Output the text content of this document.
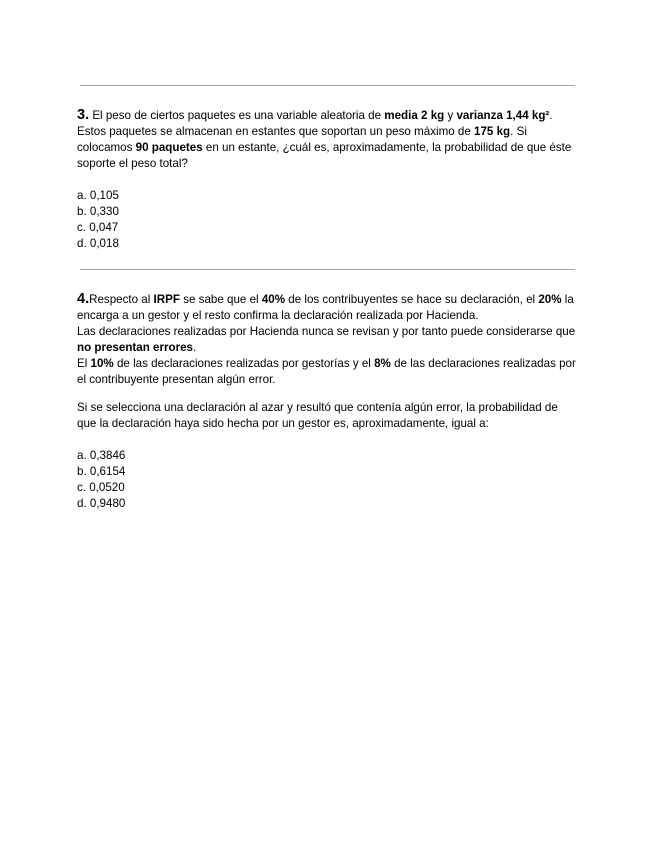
3. El peso de ciertos paquetes es una variable aleatoria de media 2 kg y varianza 1,44 kg². Estos paquetes se almacenan en estantes que soportan un peso máximo de 175 kg. Si colocamos 90 paquetes en un estante, ¿cuál es, aproximadamente, la probabilidad de que éste soporte el peso total?

a. 0,105

b. 0,330

c. 0,047

d. 0,018

4.Respecto al IRPF se sabe que el 40% de los contribuyentes se hace su declaración, el 20% la encarga a un gestor y el resto confirma la declaración realizada por Hacienda.

Las declaraciones realizadas por Hacienda nunca se revisan y por tanto puede considerarse que no presentan errores.

El 10% de las declaraciones realizadas por gestorías y el 8% de las declaraciones realizadas por el contribuyente presentan algún error.

Si se selecciona una declaración al azar y resultó que contenía algún error, la probabilidad de que la declaración haya sido hecha por un gestor es, aproximadamente, igual a:

a. 0,3846

b. 0,6154

c. 0,0520

d. 0,9480
